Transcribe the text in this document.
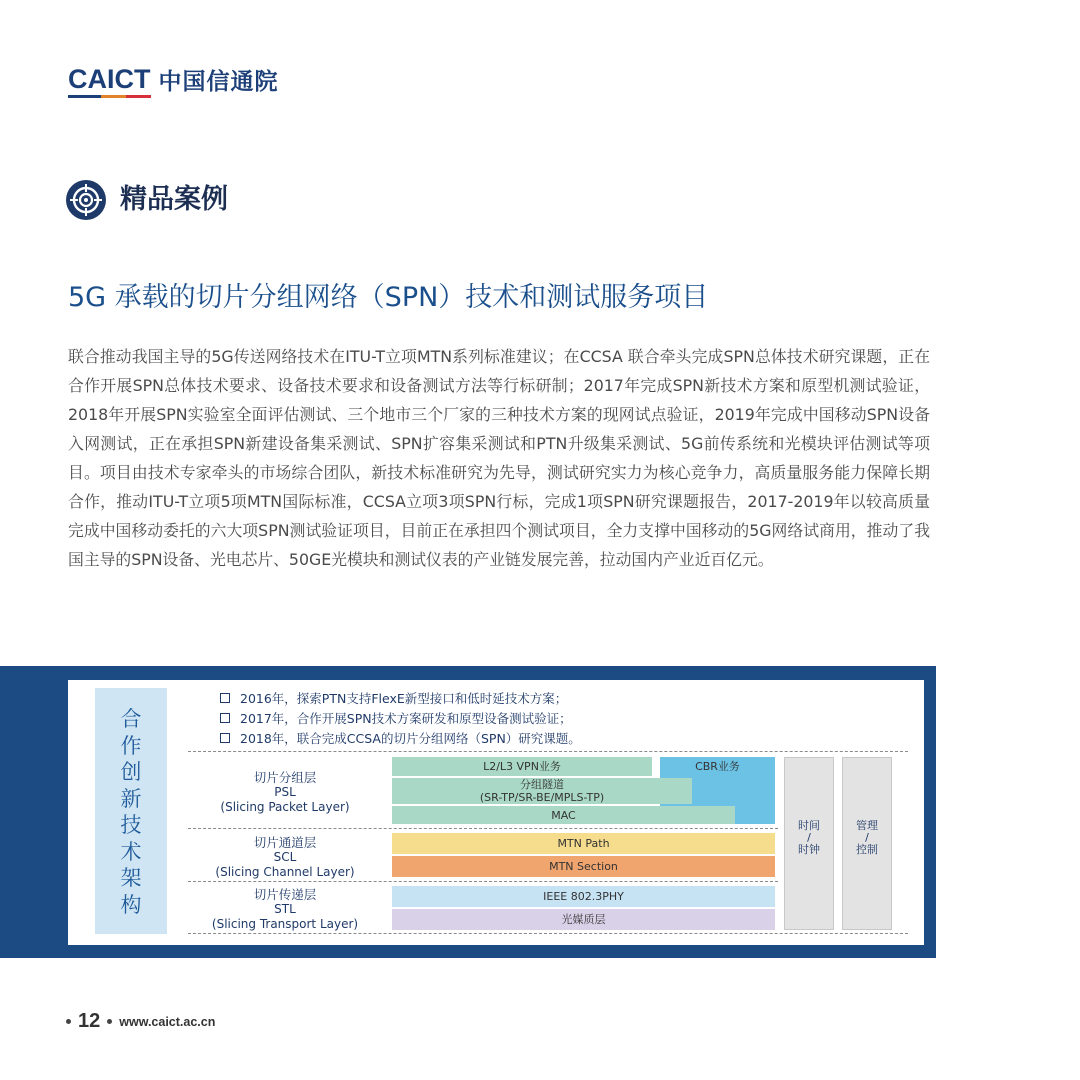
CAICT 中国信通院
精品案例
5G 承载的切片分组网络（SPN）技术和测试服务项目
联合推动我国主导的5G传送网络技术在ITU-T立项MTN系列标准建议；在CCSA 联合牵头完成SPN总体技术研究课题，正在合作开展SPN总体技术要求、设备技术要求和设备测试方法等行标研制；2017年完成SPN新技术方案和原型机测试验证，2018年开展SPN实验室全面评估测试、三个地市三个厂家的三种技术方案的现网试点验证，2019年完成中国移动SPN设备入网测试，正在承担SPN新建设备集采测试、SPN扩容集采测试和PTN升级集采测试、5G前传系统和光模块评估测试等项目。项目由技术专家牵头的市场综合团队，新技术标准研究为先导，测试研究实力为核心竞争力，高质量服务能力保障长期合作，推动ITU-T立项5项MTN国际标准，CCSA立项3项SPN行标，完成1项SPN研究课题报告，2017-2019年以较高质量完成中国移动委托的六大项SPN测试验证项目，目前正在承担四个测试项目，全力支撑中国移动的5G网络试商用，推动了我国主导的SPN设备、光电芯片、50GE光模块和测试仪表的产业链发展完善，拉动国内产业近百亿元。
合
作
创
新
技
术
架
构
2016年，探索PTN支持FlexE新型接口和低时延技术方案；
2017年，合作开展SPN技术方案研发和原型设备测试验证；
2018年，联合完成CCSA的切片分组网络（SPN）研究课题。
切片分组层
PSL
(Slicing Packet Layer)
切片通道层
SCL
(Slicing Channel Layer)
切片传递层
STL
(Slicing Transport Layer)
CBR业务
L2/L3 VPN业务
分组隧道
(SR-TP/SR-BE/MPLS-TP)
MAC
MTN Path
MTN Section
IEEE 802.3PHY
光媒质层
时间
/
时钟
管理
/
控制
12 www.caict.ac.cn
